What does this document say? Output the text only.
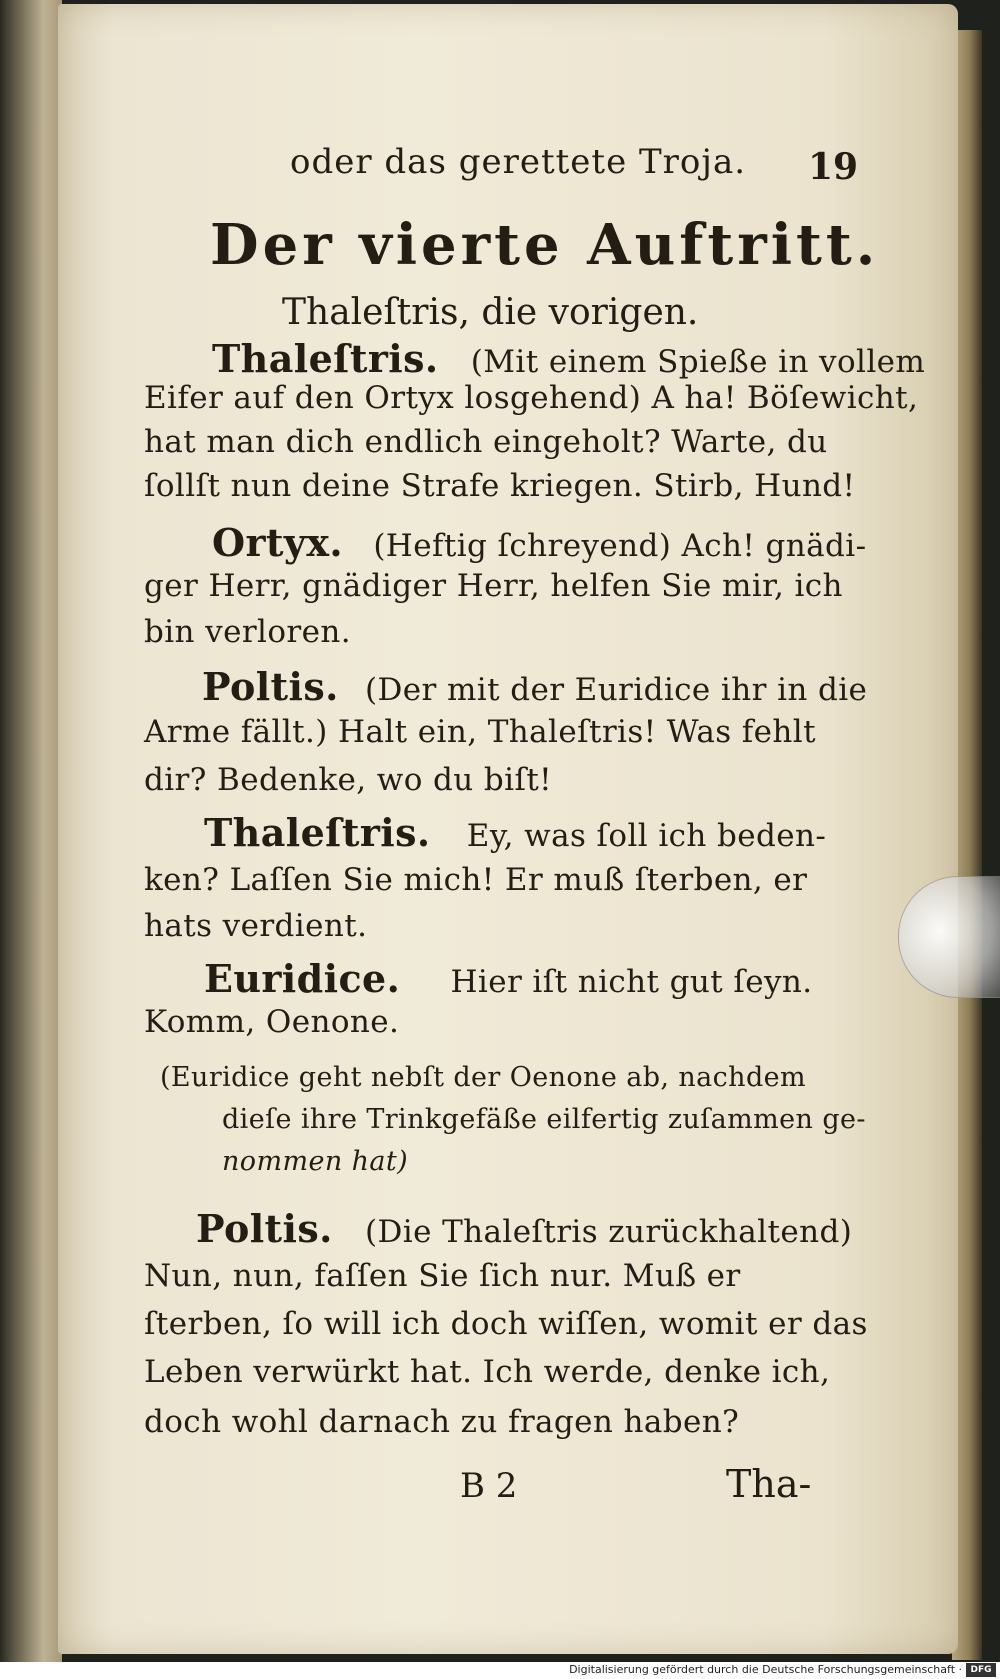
oder das gerettete Troja. 19
Der vierte Auftritt.
Thaleſtris, die vorigen.
Thaleſtris. (Mit einem Spieße in vollem
Eifer auf den Ortyx losgehend) A ha! Böſewicht,
hat man dich endlich eingeholt? Warte, du
ſollſt nun deine Strafe kriegen. Stirb, Hund!
Ortyx. (Heftig ſchreyend) Ach! gnädi-
ger Herr, gnädiger Herr, helfen Sie mir, ich
bin verloren.
Poltis. (Der mit der Euridice ihr in die
Arme fällt.) Halt ein, Thaleſtris! Was fehlt
dir? Bedenke, wo du biſt!
Thaleſtris. Ey, was ſoll ich beden-
ken? Laſſen Sie mich! Er muß ſterben, er
hats verdient.
Euridice. Hier iſt nicht gut ſeyn.
Komm, Oenone.
(Euridice geht nebſt der Oenone ab, nachdem
dieſe ihre Trinkgefäße eilfertig zuſammen ge-
nommen hat)
Poltis. (Die Thaleſtris zurückhaltend)
Nun, nun, faſſen Sie ſich nur. Muß er
ſterben, ſo will ich doch wiſſen, womit er das
Leben verwürkt hat. Ich werde, denke ich,
doch wohl darnach zu fragen haben?
B 2	Tha-
Digitalisierung gefördert durch die Deutsche Forschungsgemeinschaft · DFG
